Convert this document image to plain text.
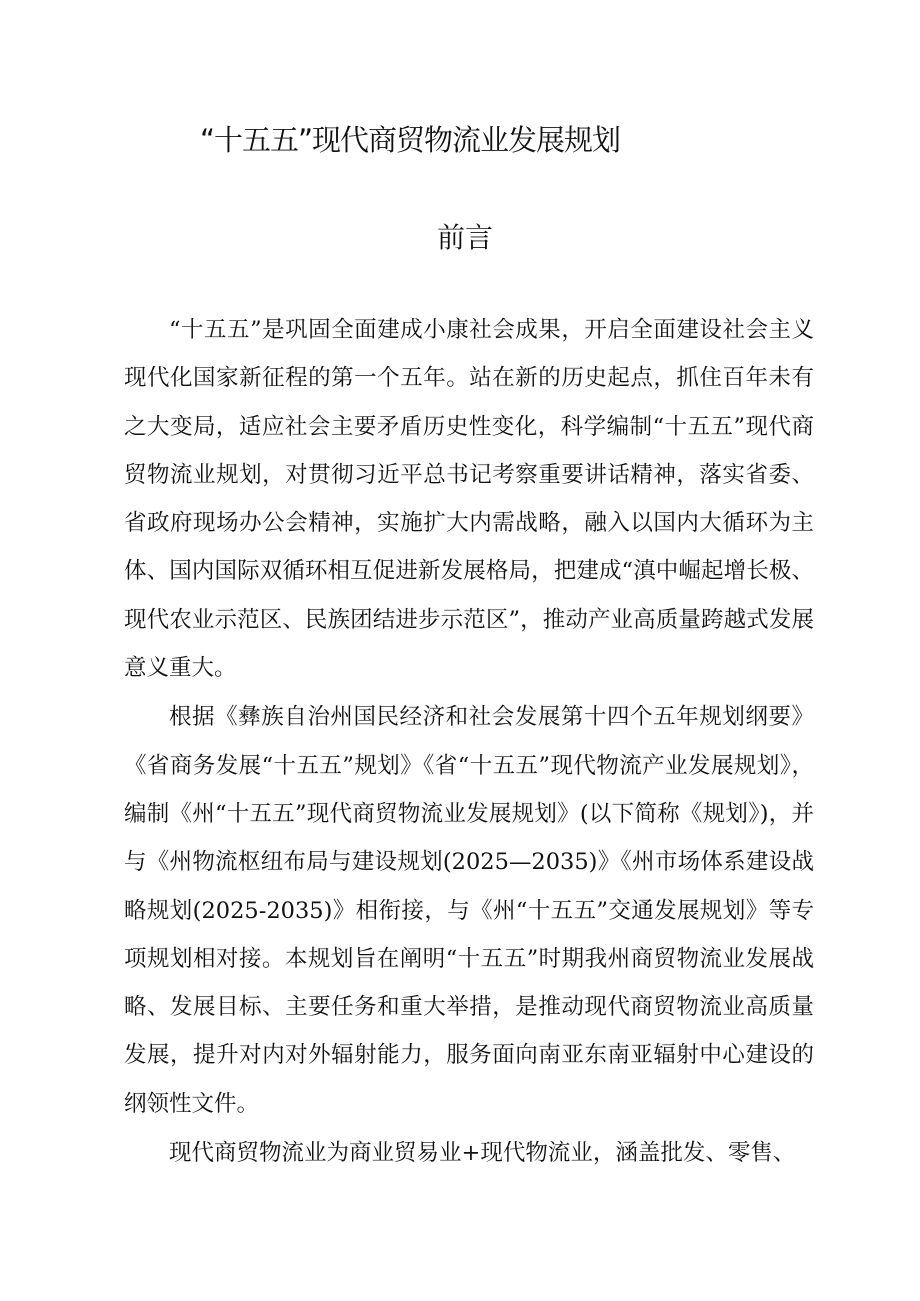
“十五五”现代商贸物流业发展规划
前言

“十五五”是巩固全面建成小康社会成果，开启全面建设社会主义现代化国家新征程的第一个五年。站在新的历史起点，抓住百年未有之大变局，适应社会主要矛盾历史性变化，科学编制“十五五”现代商贸物流业规划，对贯彻习近平总书记考察重要讲话精神，落实省委、省政府现场办公会精神，实施扩大内需战略，融入以国内大循环为主体、国内国际双循环相互促进新发展格局，把建成“滇中崛起增长极、现代农业示范区、民族团结进步示范区”，推动产业高质量跨越式发展意义重大。

根据《彝族自治州国民经济和社会发展第十四个五年规划纲要》《省商务发展“十五五”规划》《省“十五五”现代物流产业发展规划》，编制《州“十五五”现代商贸物流业发展规划》(以下简称《规划》)，并与《州物流枢纽布局与建设规划(2025—2035)》《州市场体系建设战略规划(2025-2035)》相衔接，与《州“十五五”交通发展规划》等专项规划相对接。本规划旨在阐明“十五五”时期我州商贸物流业发展战略、发展目标、主要任务和重大举措，是推动现代商贸物流业高质量发展，提升对内对外辐射能力，服务面向南亚东南亚辐射中心建设的纲领性文件。

现代商贸物流业为商业贸易业+现代物流业，涵盖批发、零售、
